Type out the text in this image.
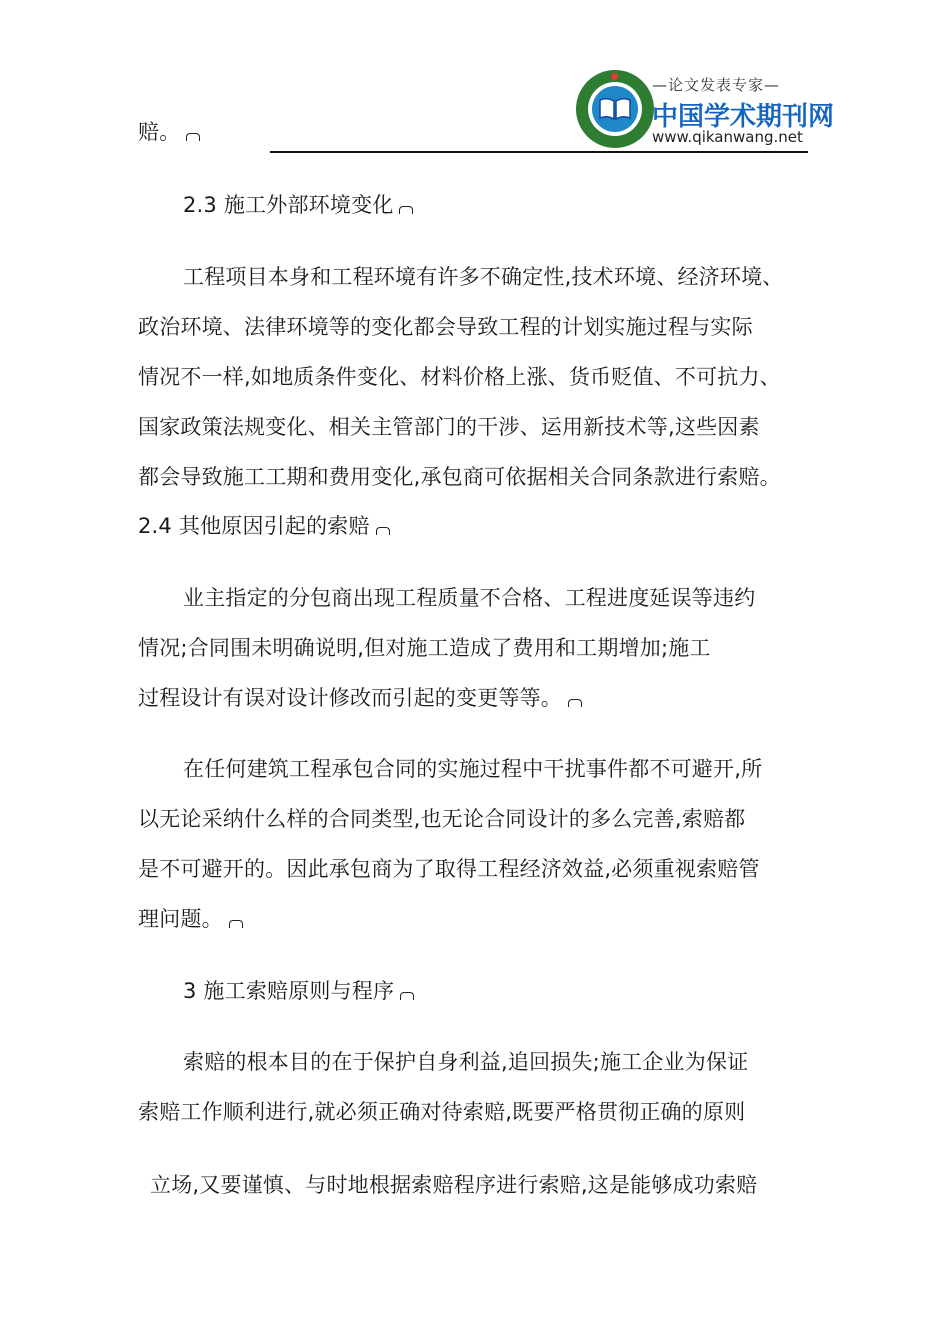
—论文发表专家—
中国学术期刊网
www.qikanwang.net
赔。
2.3 施工外部环境变化
工程项目本身和工程环境有许多不确定性,技术环境、经济环境、
政治环境、法律环境等的变化都会导致工程的计划实施过程与实际
情况不一样,如地质条件变化、材料价格上涨、货币贬值、不可抗力、
国家政策法规变化、相关主管部门的干涉、运用新技术等,这些因素
都会导致施工工期和费用变化,承包商可依据相关合同条款进行索赔。
2.4 其他原因引起的索赔
业主指定的分包商出现工程质量不合格、工程进度延误等违约
情况;合同围未明确说明,但对施工造成了费用和工期增加;施工
过程设计有误对设计修改而引起的变更等等。
在任何建筑工程承包合同的实施过程中干扰事件都不可避开,所
以无论采纳什么样的合同类型,也无论合同设计的多么完善,索赔都
是不可避开的。因此承包商为了取得工程经济效益,必须重视索赔管
理问题。
3 施工索赔原则与程序
索赔的根本目的在于保护自身利益,追回损失;施工企业为保证
索赔工作顺利进行,就必须正确对待索赔,既要严格贯彻正确的原则
立场,又要谨慎、与时地根据索赔程序进行索赔,这是能够成功索赔
